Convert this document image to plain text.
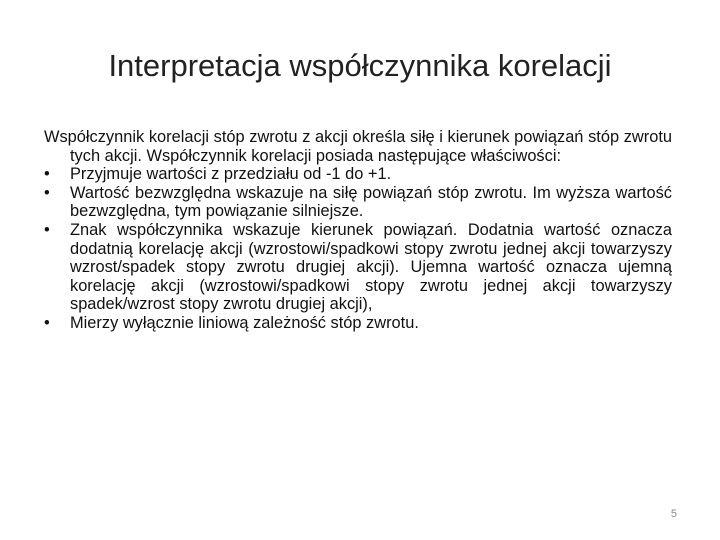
Interpretacja współczynnika korelacji

Współczynnik korelacji stóp zwrotu z akcji określa siłę i kierunek powiązań stóp zwrotu tych akcji. Współczynnik korelacji posiada następujące właściwości:

•	Przyjmuje wartości z przedziału od -1 do +1.
•	Wartość bezwzględna wskazuje na siłę powiązań stóp zwrotu. Im wyższa wartość bezwzględna, tym powiązanie silniejsze.
•	Znak współczynnika wskazuje kierunek powiązań. Dodatnia wartość oznacza dodatnią korelację akcji (wzrostowi/spadkowi stopy zwrotu jednej akcji towarzyszy wzrost/spadek stopy zwrotu drugiej akcji). Ujemna wartość oznacza ujemną korelację akcji (wzrostowi/spadkowi stopy zwrotu jednej akcji towarzyszy spadek/wzrost stopy zwrotu drugiej akcji),
•	Mierzy wyłącznie liniową zależność stóp zwrotu.
5
